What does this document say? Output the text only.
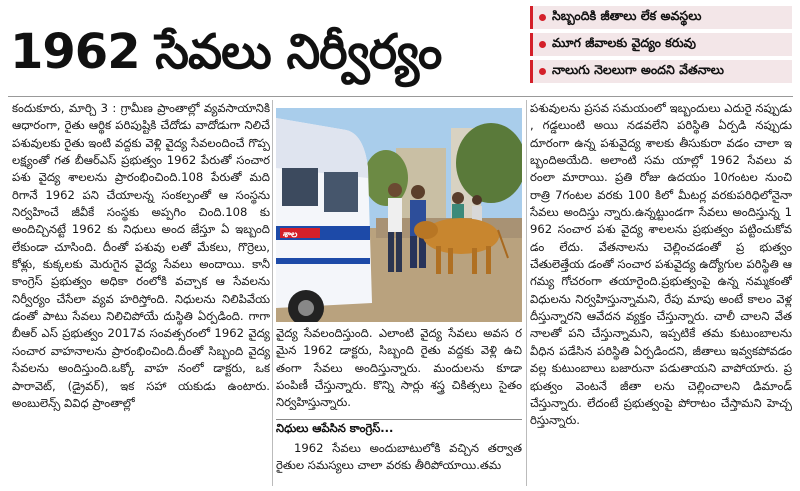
1962 సేవలు నిర్వీర్యం
సిబ్బందికి జీతాలు లేక అవస్థలు
మూగ జీవాలకు వైద్యం కరువు
నాలుగు నెలలుగా అందని వేతనాలు

కందుకూరు, మార్చి 3 : గ్రామీణ ప్రాంతాల్లో వ్యవసాయానికి ఆధారంగా, రైతు ఆర్థిక పరిపుష్టికి చేదోడు వాదోడుగా నిలిచే పశువులకు రైతు ఇంటి వద్దకు వెళ్లి వైద్య సేవలందించే గొప్ప లక్ష్యంతో గత బీఆర్ఎస్ ప్రభుత్వం 1962 పేరుతో సంచార పశు వైద్య శాలలను ప్రారంభించింది.108 పేరుతో మది రిగానే 1962 పని చేయాలన్న సంకల్పంతో ఆ సంస్థను నిర్వహించే జీవీకే సంస్థకు అప్పగిం చింది.108 కు అందిచ్చినట్టే 1962 కు నిధులు అంద జేస్తూ ఏ ఇబ్బంది లేకుండా చూసింది. దీంతో పశువు లతో మేకలు, గొర్రెలు, కోళ్లు, కుక్కలకు మెరుగైన వైద్య సేవలు అందాయి. కానీ కాంగ్రెస్ ప్రభుత్వం అధికా రంలోకి వచ్చాక ఆ సేవలను నిర్వీర్యం చేసేలా వ్యవ హరిస్తోంది. నిధులను నిలిపివేయడంతో పాటు సేవలు నిలిచిపోయే దుస్థితి ఏర్పడింది. గాగా బీఆర్ ఎస్ ప్రభుత్వం 2017వ సంవత్సరంలో 1962 వైద్య సంచార వాహనాలను ప్రారంభించింది.దీంతో సిబ్బంది వైద్య సేవలను అందిస్తుంది.ఒక్కో వాహ నంలో డాక్టరు, ఒక పారావెట్, (డ్రైవర్), ఇక సహా యకుడు ఉంటారు. అంబులెన్స్ వివిధ ప్రాంతాల్లో

శాల

వైద్య సేవలందిస్తుంది. ఎలాంటి వైద్య సేవలు అవస రమైన 1962 డాక్టరు, సిబ్బంది రైతు వద్దకు వెళ్లి ఉచి తంగా సేవలు అందిస్తున్నారు. మందులను కూడా పంపిణీ చేస్తున్నారు. కొన్ని సార్లు శస్త్ర చికిత్సలు సైతం నిర్వహిస్తున్నారు.

నిధులు ఆపేసిన కాంగ్రెస్...

1962 సేవలు అందుబాటులోకి వచ్చిన తర్వాత రైతుల సమస్యలు చాలా వరకు తీరిపోయాయి.తమ

పశువులను ప్రసవ సమయంలో ఇబ్బందులు ఎదురై నప్పుడు , గడ్డలుంటి అయి నడవలేని పరిస్థితి ఏర్పడి నప్పుడు దూరంగా ఉన్న పశువైద్య శాలకు తీసుకురా వడం చాలా ఇ బ్బందిఅయేది. అలాంటి సమ యాల్లో 1962 సేవలు వరంలా మారాయి. ప్రతి రోజు ఉదయం 10గంటల నుంచి రాత్రి 7గంటల వరకు 100 కిలో మీటర్ల వరకుపరిధిలోనైనా సేవలు అందిస్తు న్నారు.ఉన్నట్టుండగా సేవలు అందిస్తున్న 1962 సంచార పశు వైద్య శాలలను ప్రభుత్వం పట్టించుకోవడం లేదు. వేతనాలను చెల్లించడంతో ప్ర భుత్వం చేతులెత్తేయ డంతో సంచార పశువైద్య ఉద్యోగుల పరిస్థితి ఆగమ్య గోచరంగా తయారైంది.ప్రభుత్వంపై ఉన్న నమ్మకంతో విధులను నిర్వహిస్తున్నామని, రేపు మాపు అంటే కాలం వెళ్లదీస్తున్నారని ఆవేదన వ్యక్తం చేస్తున్నారు. చాలీ చాలని వేతనాలతో పని చేస్తున్నామని, ఇప్పటికే తమ కుటుంబాలను వీధిన పడేసిన పరిస్థితి ఏర్పడిందని, జీతాలు ఇవ్వకపోవడం వల్ల కుటుంబాలు బజారునా పడుతాయని వాపోయారు. ప్ర భుత్వం వెంటనే జీతా లను చెల్లించాలని డిమాండ్ చేస్తున్నారు. లేదంటే ప్రభుత్వంపై పోరాటం చేస్తామని హెచ్చరిస్తున్నారు.
